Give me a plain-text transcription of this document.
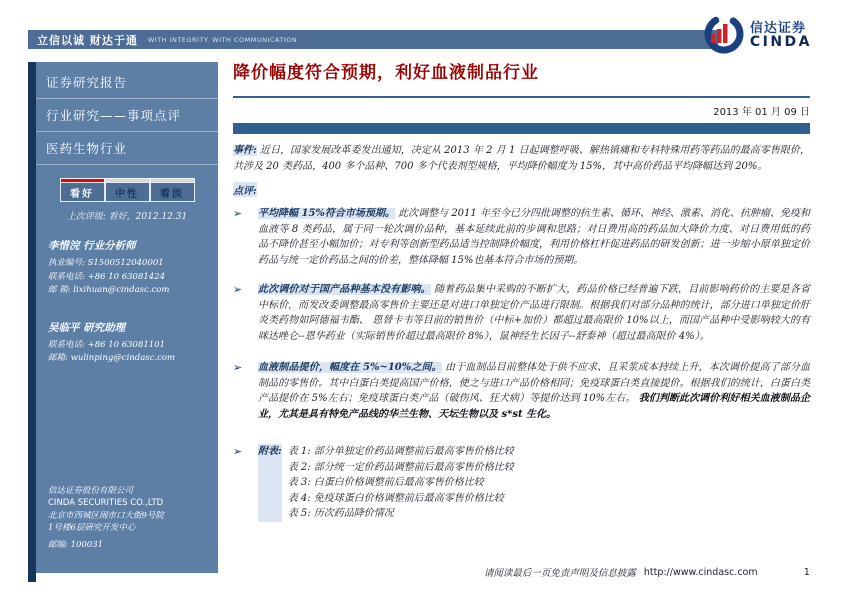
立信以诚 财达于通 WITH INTEGRITY. WITH COMMUNICATION
信达证券
CINDA
证券研究报告
行业研究——事项点评
医药生物行业
看好	中性	看淡
上次评级: 看好，2012.12.31
李惜浣 行业分析师
执业编号: S1500512040001
联系电话: +86 10 63081424
邮 箱: lixihuan@cindasc.com
吴临平 研究助理
联系电话: +86 10 63081101
邮箱: wulinping@cindasc.com
信达证券股份有限公司
CINDA SECURITIES CO.,LTD
北京市西城区闹市口大街9号院
1号楼6层研究开发中心
邮编: 100031
降价幅度符合预期，利好血液制品行业
2013 年 01 月 09 日
事件: 近日，国家发展改革委发出通知，决定从 2013 年 2 月 1 日起调整呼吸、解热镇痛和专科特殊用药等药品的最高零售限价，共涉及 20 类药品，400 多个品种、700 多个代表剂型规格，平均降价幅度为 15%，其中高价药品平均降幅达到 20%。
点评:
➢	平均降幅 15%符合市场预期。 此次调整与 2011 年至今已分四批调整的抗生素、循环、神经、激素、消化、抗肿瘤、免疫和血液等 8 类药品，属于同一轮次调价品种，基本延续此前的步调和思路；对日费用高的药品加大降价力度、对日费用低的药品不降价甚至小幅加价；对专利等创新型药品适当控制降价幅度，利用价格杠杆促进药品的研发创新；进一步缩小原单独定价药品与统一定价药品之间的价差，整体降幅 15%也基本符合市场的预期。
➢	此次调价对于国产品种基本没有影响。 随着药品集中采购的不断扩大，药品价格已经普遍下跌，目前影响药价的主要是各省中标价，而发改委调整最高零售价主要还是对进口单独定价产品进行限制。根据我们对部分品种的统计，部分进口单独定价肝炎类药物如阿德福韦酯、 恩替卡韦等目前的销售价（中标+加价）都超过最高限价 10%以上，而国产品种中受影响较大的有咪达唑仑--恩华药业（实际销售价超过最高限价 8%），鼠神经生长因子--舒泰神（超过最高限价 4%）。
➢	血液制品提价，幅度在 5%~10%之间。 由于血制品目前整体处于供不应求、且采浆成本持续上升，本次调价提高了部分血制品的零售价。其中白蛋白类提高国产价格，使之与进口产品价格相同；免疫球蛋白类直接提价。根据我们的统计，白蛋白类产品提价在 5%左右；免疫球蛋白类产品（破伤风、狂犬病）等提价达到 10%左右。 我们判断此次调价利好相关血液制品企业，尤其是具有特免产品线的华兰生物、天坛生物以及 s*st 生化。
➢	附表: 表 1: 部分单独定价药品调整前后最高零售价格比较
表 2: 部分统一定价药品调整前后最高零售价格比较
表 3: 白蛋白价格调整前后最高零售价格比较
表 4: 免疫球蛋白价格调整前后最高零售价格比较
表 5: 历次药品降价情况
请阅读最后一页免责声明及信息披露 http://www.cindasc.com	1
